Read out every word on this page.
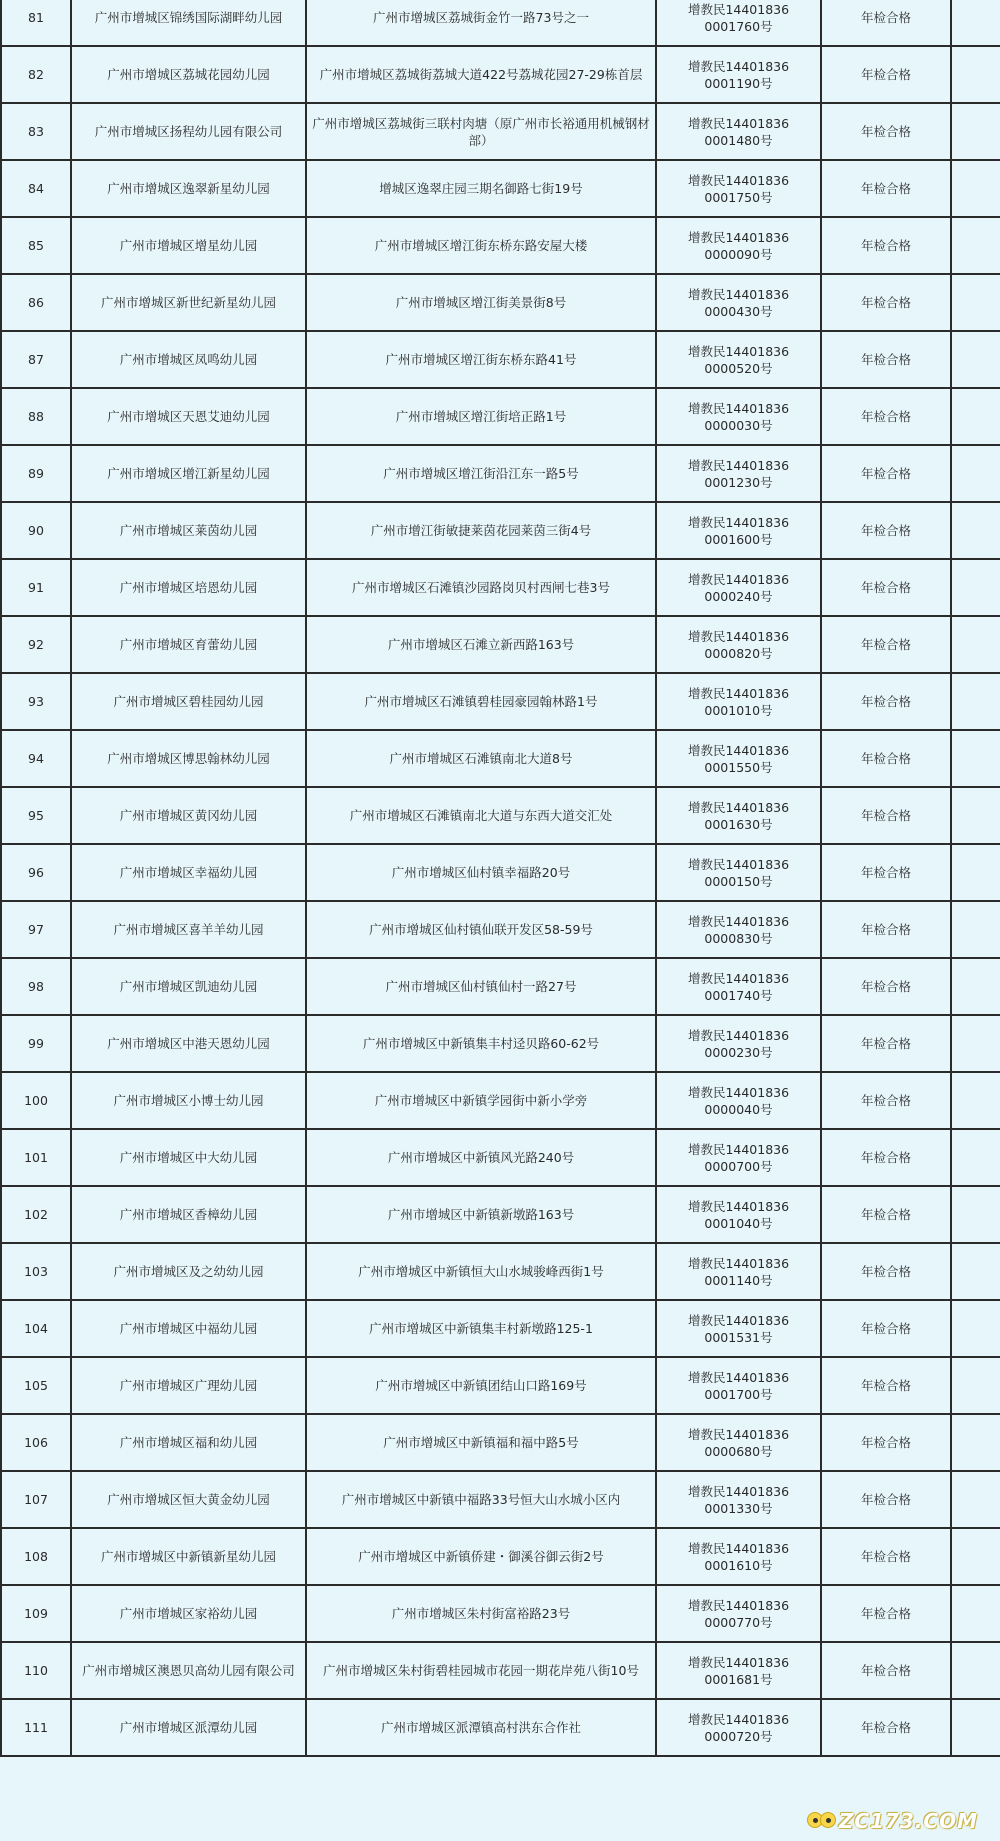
81	广州市增城区锦绣国际湖畔幼儿园	广州市增城区荔城街金竹一路73号之一	增教民14401836
0001760号	年检合格	
82	广州市增城区荔城花园幼儿园	广州市增城区荔城街荔城大道422号荔城花园27-29栋首层	增教民14401836
0001190号	年检合格	
83	广州市增城区扬程幼儿园有限公司	广州市增城区荔城街三联村肉塘（原广州市长裕通用机械钢材部）	增教民14401836
0001480号	年检合格	
84	广州市增城区逸翠新星幼儿园	增城区逸翠庄园三期名御路七街19号	增教民14401836
0001750号	年检合格	
85	广州市增城区增星幼儿园	广州市增城区增江街东桥东路安屋大楼	增教民14401836
0000090号	年检合格	
86	广州市增城区新世纪新星幼儿园	广州市增城区增江街美景街8号	增教民14401836
0000430号	年检合格	
87	广州市增城区凤鸣幼儿园	广州市增城区增江街东桥东路41号	增教民14401836
0000520号	年检合格	
88	广州市增城区天恩艾迪幼儿园	广州市增城区增江街培正路1号	增教民14401836
0000030号	年检合格	
89	广州市增城区增江新星幼儿园	广州市增城区增江街沿江东一路5号	增教民14401836
0001230号	年检合格	
90	广州市增城区莱茵幼儿园	广州市增江街敏捷莱茵花园莱茵三街4号	增教民14401836
0001600号	年检合格	
91	广州市增城区培恩幼儿园	广州市增城区石滩镇沙园路岗贝村西闸七巷3号	增教民14401836
0000240号	年检合格	
92	广州市增城区育蕾幼儿园	广州市增城区石滩立新西路163号	增教民14401836
0000820号	年检合格	
93	广州市增城区碧桂园幼儿园	广州市增城区石滩镇碧桂园豪园翰林路1号	增教民14401836
0001010号	年检合格	
94	广州市增城区博思翰林幼儿园	广州市增城区石滩镇南北大道8号	增教民14401836
0001550号	年检合格	
95	广州市增城区黄冈幼儿园	广州市增城区石滩镇南北大道与东西大道交汇处	增教民14401836
0001630号	年检合格	
96	广州市增城区幸福幼儿园	广州市增城区仙村镇幸福路20号	增教民14401836
0000150号	年检合格	
97	广州市增城区喜羊羊幼儿园	广州市增城区仙村镇仙联开发区58-59号	增教民14401836
0000830号	年检合格	
98	广州市增城区凯迪幼儿园	广州市增城区仙村镇仙村一路27号	增教民14401836
0001740号	年检合格	
99	广州市增城区中港天恩幼儿园	广州市增城区中新镇集丰村迳贝路60-62号	增教民14401836
0000230号	年检合格	
100	广州市增城区小博士幼儿园	广州市增城区中新镇学园街中新小学旁	增教民14401836
0000040号	年检合格	
101	广州市增城区中大幼儿园	广州市增城区中新镇风光路240号	增教民14401836
0000700号	年检合格	
102	广州市增城区香樟幼儿园	广州市增城区中新镇新墩路163号	增教民14401836
0001040号	年检合格	
103	广州市增城区及之幼幼儿园	广州市增城区中新镇恒大山水城骏峰西街1号	增教民14401836
0001140号	年检合格	
104	广州市增城区中福幼儿园	广州市增城区中新镇集丰村新墩路125-1	增教民14401836
0001531号	年检合格	
105	广州市增城区广理幼儿园	广州市增城区中新镇团结山口路169号	增教民14401836
0001700号	年检合格	
106	广州市增城区福和幼儿园	广州市增城区中新镇福和福中路5号	增教民14401836
0000680号	年检合格	
107	广州市增城区恒大黄金幼儿园	广州市增城区中新镇中福路33号恒大山水城小区内	增教民14401836
0001330号	年检合格	
108	广州市增城区中新镇新星幼儿园	广州市增城区中新镇侨建・御溪谷御云街2号	增教民14401836
0001610号	年检合格	
109	广州市增城区家裕幼儿园	广州市增城区朱村街富裕路23号	增教民14401836
0000770号	年检合格	
110	广州市增城区澳恩贝高幼儿园有限公司	广州市增城区朱村街碧桂园城市花园一期花岸苑八街10号	增教民14401836
0001681号	年检合格	
111	广州市增城区派潭幼儿园	广州市增城区派潭镇高村洪东合作社	增教民14401836
0000720号	年检合格	
ZC173.COM
